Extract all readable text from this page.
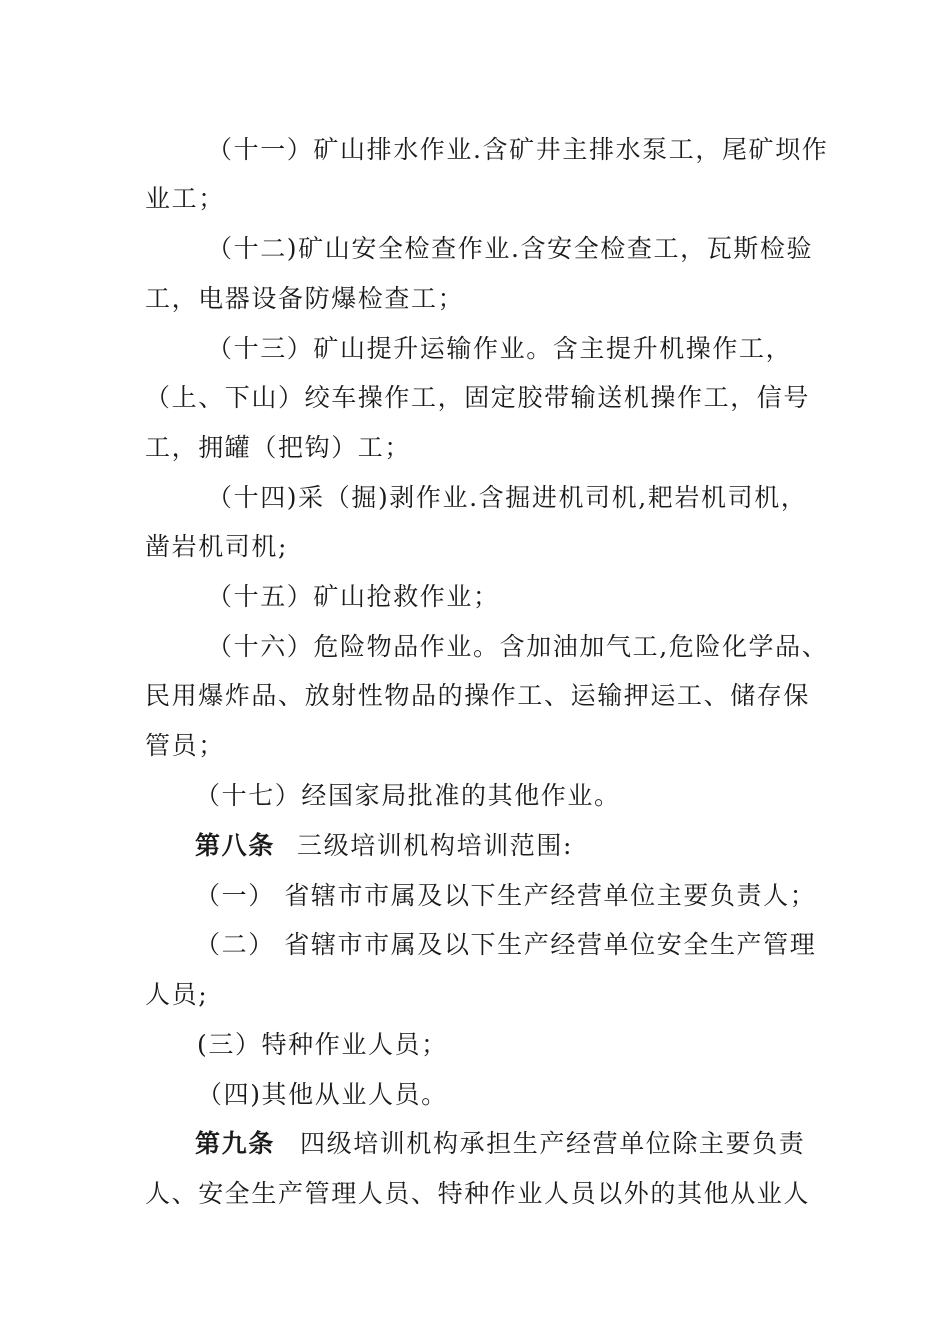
（十一）矿山排水作业.含矿井主排水泵工，尾矿坝作
业工；
（十二)矿山安全检查作业.含安全检查工，瓦斯检验
工，电器设备防爆检查工；
（十三）矿山提升运输作业。含主提升机操作工，
（上、下山）绞车操作工，固定胶带输送机操作工，信号
工，拥罐（把钩）工；
（十四)采（掘)剥作业.含掘进机司机,耙岩机司机，
凿岩机司机;
（十五）矿山抢救作业；
（十六）危险物品作业。含加油加气工,危险化学品、
民用爆炸品、放射性物品的操作工、运输押运工、储存保
管员；
（十七）经国家局批准的其他作业。
第八条 三级培训机构培训范围:
（一） 省辖市市属及以下生产经营单位主要负责人；
（二） 省辖市市属及以下生产经营单位安全生产管理
人员;
(三）特种作业人员；
（四)其他从业人员。
第九条	四级培训机构承担生产经营单位除主要负责
人、安全生产管理人员、特种作业人员以外的其他从业人
